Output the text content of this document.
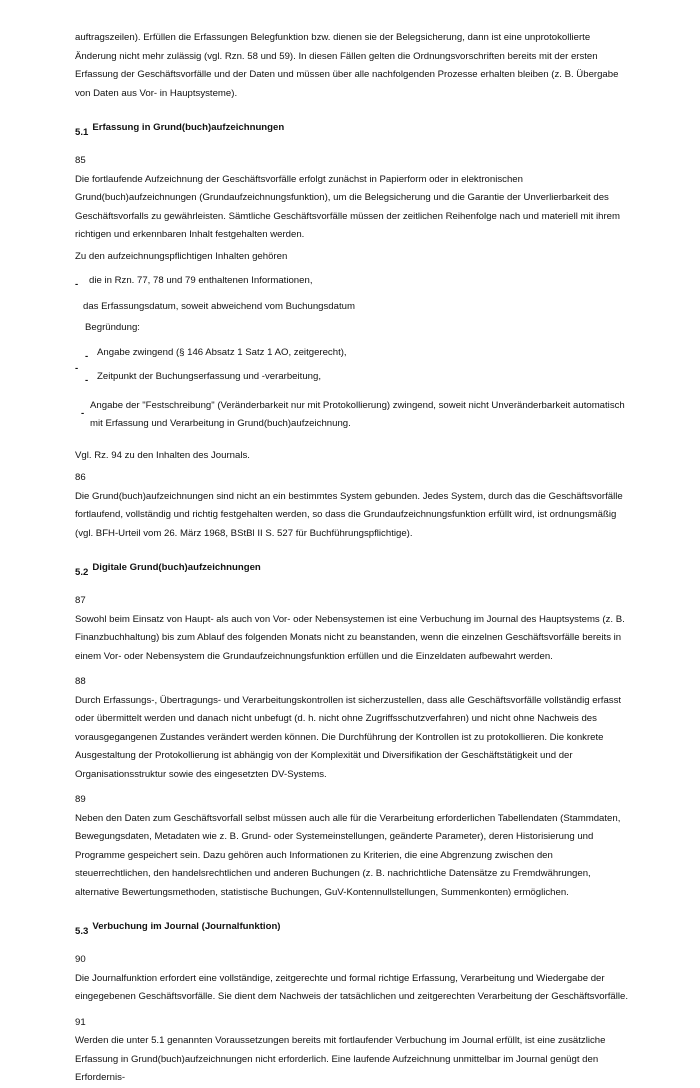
auftragszeilen). Erfüllen die Erfassungen Belegfunktion bzw. dienen sie der Belegsicherung, dann ist eine unprotokollierte Änderung nicht mehr zulässig (vgl. Rzn. 58 und 59). In diesen Fällen gelten die Ordnungsvorschriften bereits mit der ersten Erfassung der Geschäftsvorfälle und der Daten und müssen über alle nachfolgenden Prozesse erhalten bleiben (z. B. Übergabe von Daten aus Vor- in Hauptsysteme).

5.1 Erfassung in Grund(buch)aufzeichnungen

85

Die fortlaufende Aufzeichnung der Geschäftsvorfälle erfolgt zunächst in Papierform oder in elektronischen Grund(buch)aufzeichnungen (Grundaufzeichnungsfunktion), um die Belegsicherung und die Garantie der Unverlierbarkeit des Geschäftsvorfalls zu gewährleisten. Sämtliche Geschäftsvorfälle müssen der zeitlichen Reihenfolge nach und materiell mit ihrem richtigen und erkennbaren Inhalt festgehalten werden.

Zu den aufzeichnungspflichtigen Inhalten gehören

- die in Rzn. 77, 78 und 79 enthaltenen Informationen,

das Erfassungsdatum, soweit abweichend vom Buchungsdatum

Begründung:

- Angabe zwingend (§ 146 Absatz 1 Satz 1 AO, zeitgerecht),
-
- Zeitpunkt der Buchungserfassung und -verarbeitung,
-
Angabe der "Festschreibung" (Veränderbarkeit nur mit Protokollierung) zwingend, soweit nicht Unveränderbarkeit automatisch mit Erfassung und Verarbeitung in Grund(buch)aufzeichnung.

Vgl. Rz. 94 zu den Inhalten des Journals.

86

Die Grund(buch)aufzeichnungen sind nicht an ein bestimmtes System gebunden. Jedes System, durch das die Geschäftsvorfälle fortlaufend, vollständig und richtig festgehalten werden, so dass die Grundaufzeichnungsfunktion erfüllt wird, ist ordnungsmäßig (vgl. BFH-Urteil vom 26. März 1968, BStBl II S. 527 für Buchführungspflichtige).

5.2 Digitale Grund(buch)aufzeichnungen

87

Sowohl beim Einsatz von Haupt- als auch von Vor- oder Nebensystemen ist eine Verbuchung im Journal des Hauptsystems (z. B. Finanzbuchhaltung) bis zum Ablauf des folgenden Monats nicht zu beanstanden, wenn die einzelnen Geschäftsvorfälle bereits in einem Vor- oder Nebensystem die Grundaufzeichnungsfunktion erfüllen und die Einzeldaten aufbewahrt werden.

88

Durch Erfassungs-, Übertragungs- und Verarbeitungskontrollen ist sicherzustellen, dass alle Geschäftsvorfälle vollständig erfasst oder übermittelt werden und danach nicht unbefugt (d. h. nicht ohne Zugriffsschutzverfahren) und nicht ohne Nachweis des vorausgegangenen Zustandes verändert werden können. Die Durchführung der Kontrollen ist zu protokollieren. Die konkrete Ausgestaltung der Protokollierung ist abhängig von der Komplexität und Diversifikation der Geschäftstätigkeit und der Organisationsstruktur sowie des eingesetzten DV-Systems.

89

Neben den Daten zum Geschäftsvorfall selbst müssen auch alle für die Verarbeitung erforderlichen Tabellendaten (Stammdaten, Bewegungsdaten, Metadaten wie z. B. Grund- oder Systemeinstellungen, geänderte Parameter), deren Historisierung und Programme gespeichert sein. Dazu gehören auch Informationen zu Kriterien, die eine Abgrenzung zwischen den steuerrechtlichen, den handelsrechtlichen und anderen Buchungen (z. B. nachrichtliche Datensätze zu Fremdwährungen, alternative Bewertungsmethoden, statistische Buchungen, GuV-Kontennullstellungen, Summenkonten) ermöglichen.

5.3 Verbuchung im Journal (Journalfunktion)

90

Die Journalfunktion erfordert eine vollständige, zeitgerechte und formal richtige Erfassung, Verarbeitung und Wiedergabe der eingegebenen Geschäftsvorfälle. Sie dient dem Nachweis der tatsächlichen und zeitgerechten Verarbeitung der Geschäftsvorfälle.

91

Werden die unter 5.1 genannten Voraussetzungen bereits mit fortlaufender Verbuchung im Journal erfüllt, ist eine zusätzliche Erfassung in Grund(buch)aufzeichnungen nicht erforderlich. Eine laufende Aufzeichnung unmittelbar im Journal genügt den Erfordernis-
